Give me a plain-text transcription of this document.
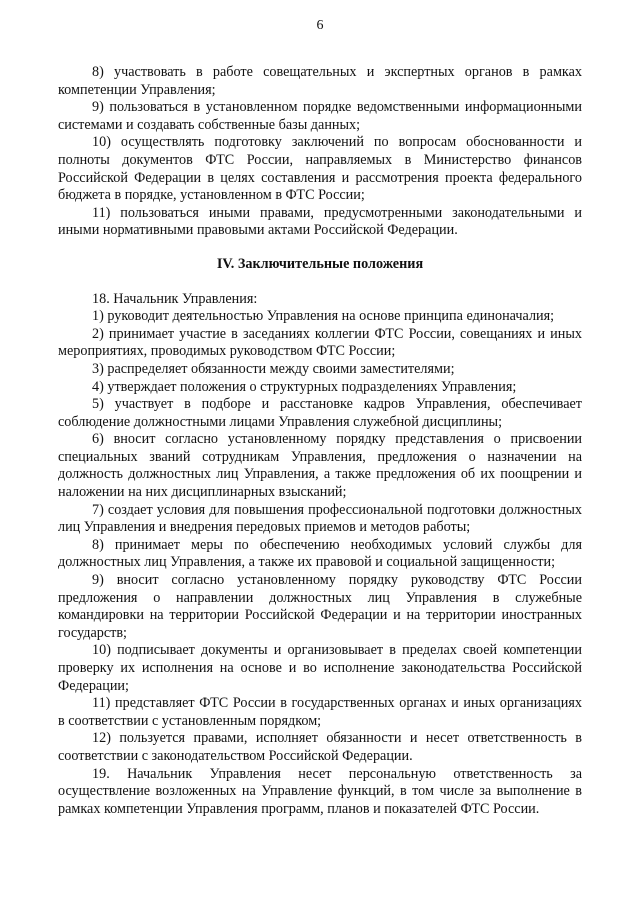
6

8) участвовать в работе совещательных и экспертных органов в рамках компетенции Управления;

9) пользоваться в установленном порядке ведомственными информационными системами и создавать собственные базы данных;

10) осуществлять подготовку заключений по вопросам обоснованности и полноты документов ФТС России, направляемых в Министерство финансов Российской Федерации в целях составления и рассмотрения проекта федерального бюджета в порядке, установленном в ФТС России;

11) пользоваться иными правами, предусмотренными законодательными и иными нормативными правовыми актами Российской Федерации.

IV. Заключительные положения

18. Начальник Управления:

1) руководит деятельностью Управления на основе принципа единоначалия;

2) принимает участие в заседаниях коллегии ФТС России, совещаниях и иных мероприятиях, проводимых руководством ФТС России;

3) распределяет обязанности между своими заместителями;

4) утверждает положения о структурных подразделениях Управления;

5) участвует в подборе и расстановке кадров Управления, обеспечивает соблюдение должностными лицами Управления служебной дисциплины;

6) вносит согласно установленному порядку представления о присвоении специальных званий сотрудникам Управления, предложения о назначении на должность должностных лиц Управления, а также предложения об их поощрении и наложении на них дисциплинарных взысканий;

7) создает условия для повышения профессиональной подготовки должностных лиц Управления и внедрения передовых приемов и методов работы;

8) принимает меры по обеспечению необходимых условий службы для должностных лиц Управления, а также их правовой и социальной защищенности;

9) вносит согласно установленному порядку руководству ФТС России предложения о направлении должностных лиц Управления в служебные командировки на территории Российской Федерации и на территории иностранных государств;

10) подписывает документы и организовывает в пределах своей компетенции проверку их исполнения на основе и во исполнение законодательства Российской Федерации;

11) представляет ФТС России в государственных органах и иных организациях в соответствии с установленным порядком;

12) пользуется правами, исполняет обязанности и несет ответственность в соответствии с законодательством Российской Федерации.

19. Начальник Управления несет персональную ответственность за осуществление возложенных на Управление функций, в том числе за выполнение в рамках компетенции Управления программ, планов и показателей ФТС России.
